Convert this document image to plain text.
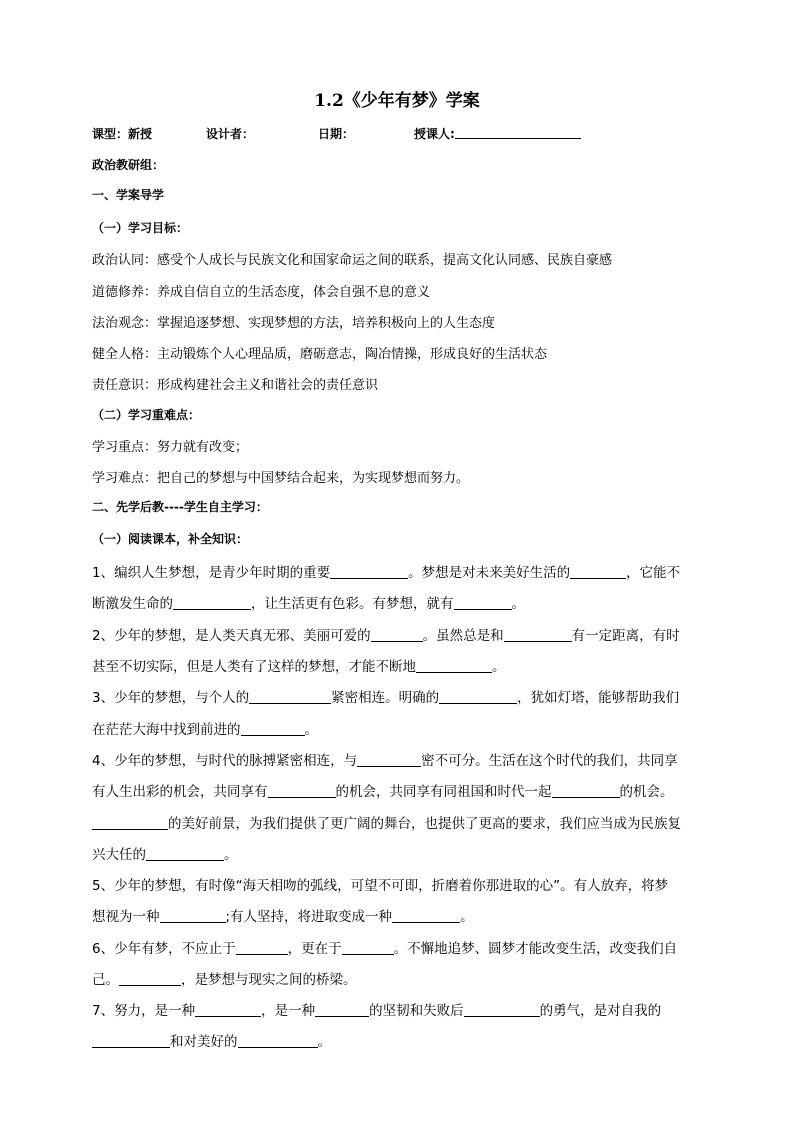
1.2《少年有梦》学案
课型：新授	设计者：	日期：	授课人:
政治教研组：
一、学案导学
（一）学习目标：
政治认同：感受个人成长与民族文化和国家命运之间的联系，提高文化认同感、民族自豪感
道德修养：养成自信自立的生活态度，体会自强不息的意义
法治观念：掌握追逐梦想、实现梦想的方法，培养积极向上的人生态度
健全人格：主动锻炼个人心理品质，磨砺意志，陶冶情操，形成良好的生活状态
责任意识：形成构建社会主义和谐社会的责任意识
（二）学习重难点：
学习重点：努力就有改变；
学习难点：把自己的梦想与中国梦结合起来，为实现梦想而努力。
二、先学后教----学生自主学习：
（一）阅读课本，补全知识：
1、编织人生梦想，是青少年时期的重要	。梦想是对未来美好生活的	，它能不
断激发生命的	，让生活更有色彩。有梦想，就有	。
2、少年的梦想，是人类天真无邪、美丽可爱的	。虽然总是和	有一定距离，有时
甚至不切实际，但是人类有了这样的梦想，才能不断地	。
3、少年的梦想，与个人的	紧密相连。明确的	，犹如灯塔，能够帮助我们
在茫茫大海中找到前进的	。
4、少年的梦想，与时代的脉搏紧密相连，与	密不可分。生活在这个时代的我们，共同享
有人生出彩的机会，共同享有	的机会，共同享有同祖国和时代一起	的机会。
的美好前景，为我们提供了更广阔的舞台，也提供了更高的要求，我们应当成为民族复
兴大任的	。
5、少年的梦想，有时像“海天相吻的弧线，可望不可即，折磨着你那进取的心”。有人放弃，将梦
想视为一种	;有人坚持，将进取变成一种	。
6、少年有梦，不应止于	，更在于	。不懈地追梦、圆梦才能改变生活，改变我们自
己。	，是梦想与现实之间的桥梁。
7、努力，是一种	，是一种	的坚韧和失败后	的勇气，是对自我的
和对美好的	。
